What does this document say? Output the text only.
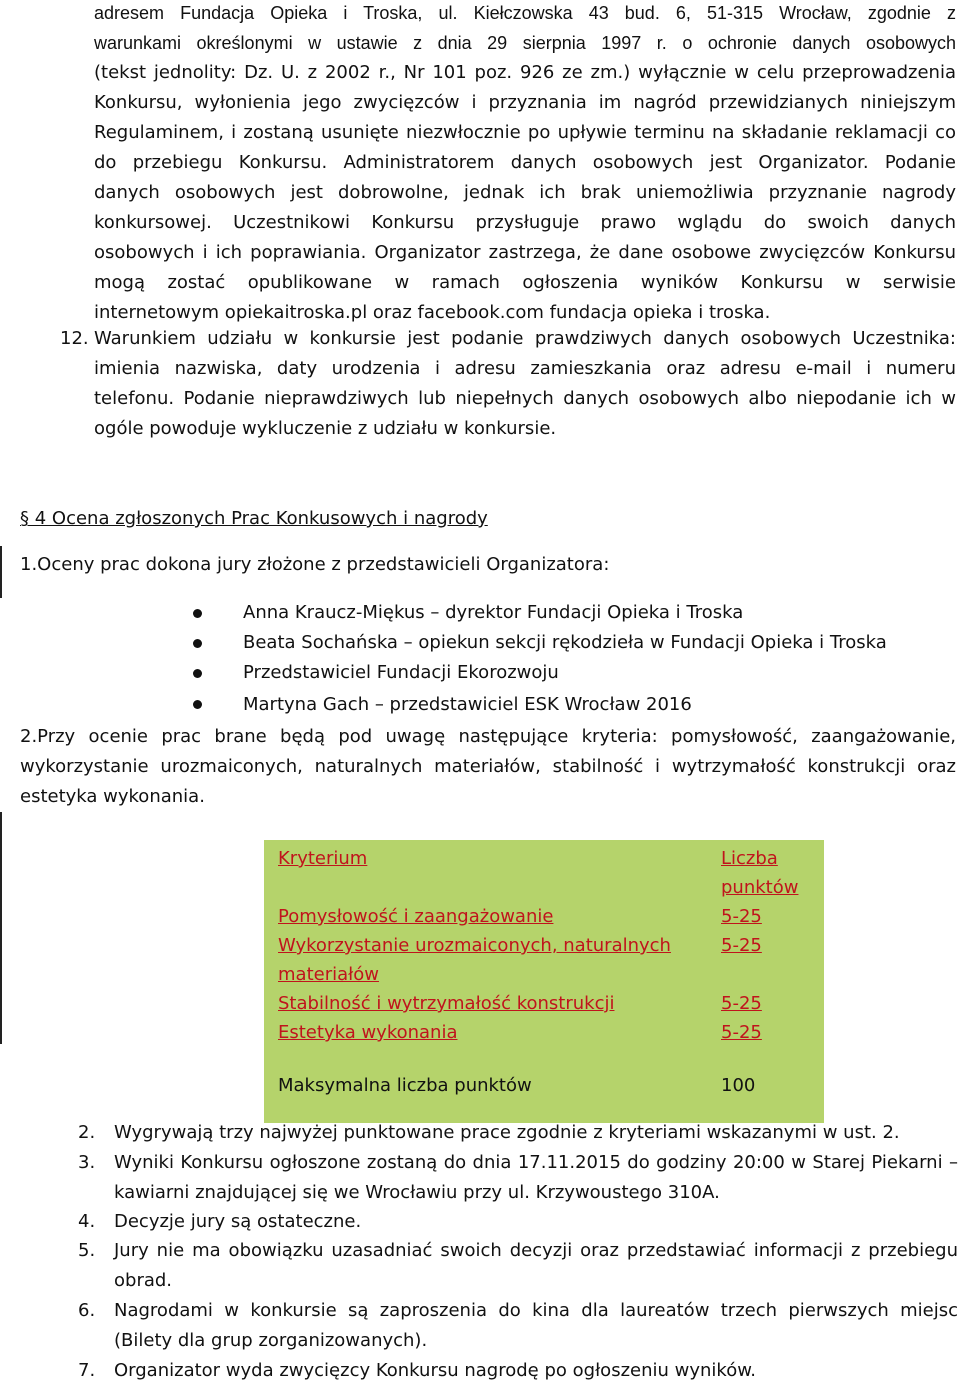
adresem Fundacja Opieka i Troska, ul. Kiełczowska 43 bud. 6, 51-315 Wrocław, zgodnie z
warunkami określonymi w ustawie z dnia 29 sierpnia 1997 r. o ochronie danych osobowych
(tekst jednolity: Dz. U. z 2002 r., Nr 101 poz. 926 ze zm.) wyłącznie w celu przeprowadzenia
Konkursu, wyłonienia jego zwycięzców i przyznania im nagród przewidzianych niniejszym
Regulaminem, i zostaną usunięte niezwłocznie po upływie terminu na składanie reklamacji co
do przebiegu Konkursu. Administratorem danych osobowych jest Organizator. Podanie
danych osobowych jest dobrowolne, jednak ich brak uniemożliwia przyznanie nagrody
konkursowej. Uczestnikowi Konkursu przysługuje prawo wglądu do swoich danych
osobowych i ich poprawiania. Organizator zastrzega, że dane osobowe zwycięzców Konkursu
mogą zostać opublikowane w ramach ogłoszenia wyników Konkursu w serwisie
internetowym opiekaitroska.pl oraz facebook.com fundacja opieka i troska.
12. Warunkiem udziału w konkursie jest podanie prawdziwych danych osobowych Uczestnika:
imienia nazwiska, daty urodzenia i adresu zamieszkania oraz adresu e-mail i numeru
telefonu. Podanie nieprawdziwych lub niepełnych danych osobowych albo niepodanie ich w
ogóle powoduje wykluczenie z udziału w konkursie.
§ 4 Ocena zgłoszonych Prac Konkusowych i nagrody
1.Oceny prac dokona jury złożone z przedstawicieli Organizatora:
Anna Kraucz-Miękus – dyrektor Fundacji Opieka i Troska
Beata Sochańska – opiekun sekcji rękodzieła w Fundacji Opieka i Troska
Przedstawiciel Fundacji Ekorozwoju
Martyna Gach – przedstawiciel ESK Wrocław 2016
2.Przy ocenie prac brane będą pod uwagę następujące kryteria: pomysłowość, zaangażowanie, wykorzystanie urozmaiconych, naturalnych materiałów, stabilność i wytrzymałość konstrukcji oraz estetyka wykonania.
Kryterium	Liczba punktów
Pomysłowość i zaangażowanie	5-25
Wykorzystanie urozmaiconych, naturalnych materiałów	5-25
Stabilność i wytrzymałość konstrukcji	5-25
Estetyka wykonania	5-25
Maksymalna liczba punktów	100
2. Wygrywają trzy najwyżej punktowane prace zgodnie z kryteriami wskazanymi w ust. 2.
3. Wyniki Konkursu ogłoszone zostaną do dnia 17.11.2015 do godziny 20:00 w Starej Piekarni – kawiarni znajdującej się we Wrocławiu przy ul. Krzywoustego 310A.
4. Decyzje jury są ostateczne.
5. Jury nie ma obowiązku uzasadniać swoich decyzji oraz przedstawiać informacji z przebiegu obrad.
6. Nagrodami w konkursie są zaproszenia do kina dla laureatów trzech pierwszych miejsc (Bilety dla grup zorganizowanych).
7. Organizator wyda zwycięzcy Konkursu nagrodę po ogłoszeniu wyników.
